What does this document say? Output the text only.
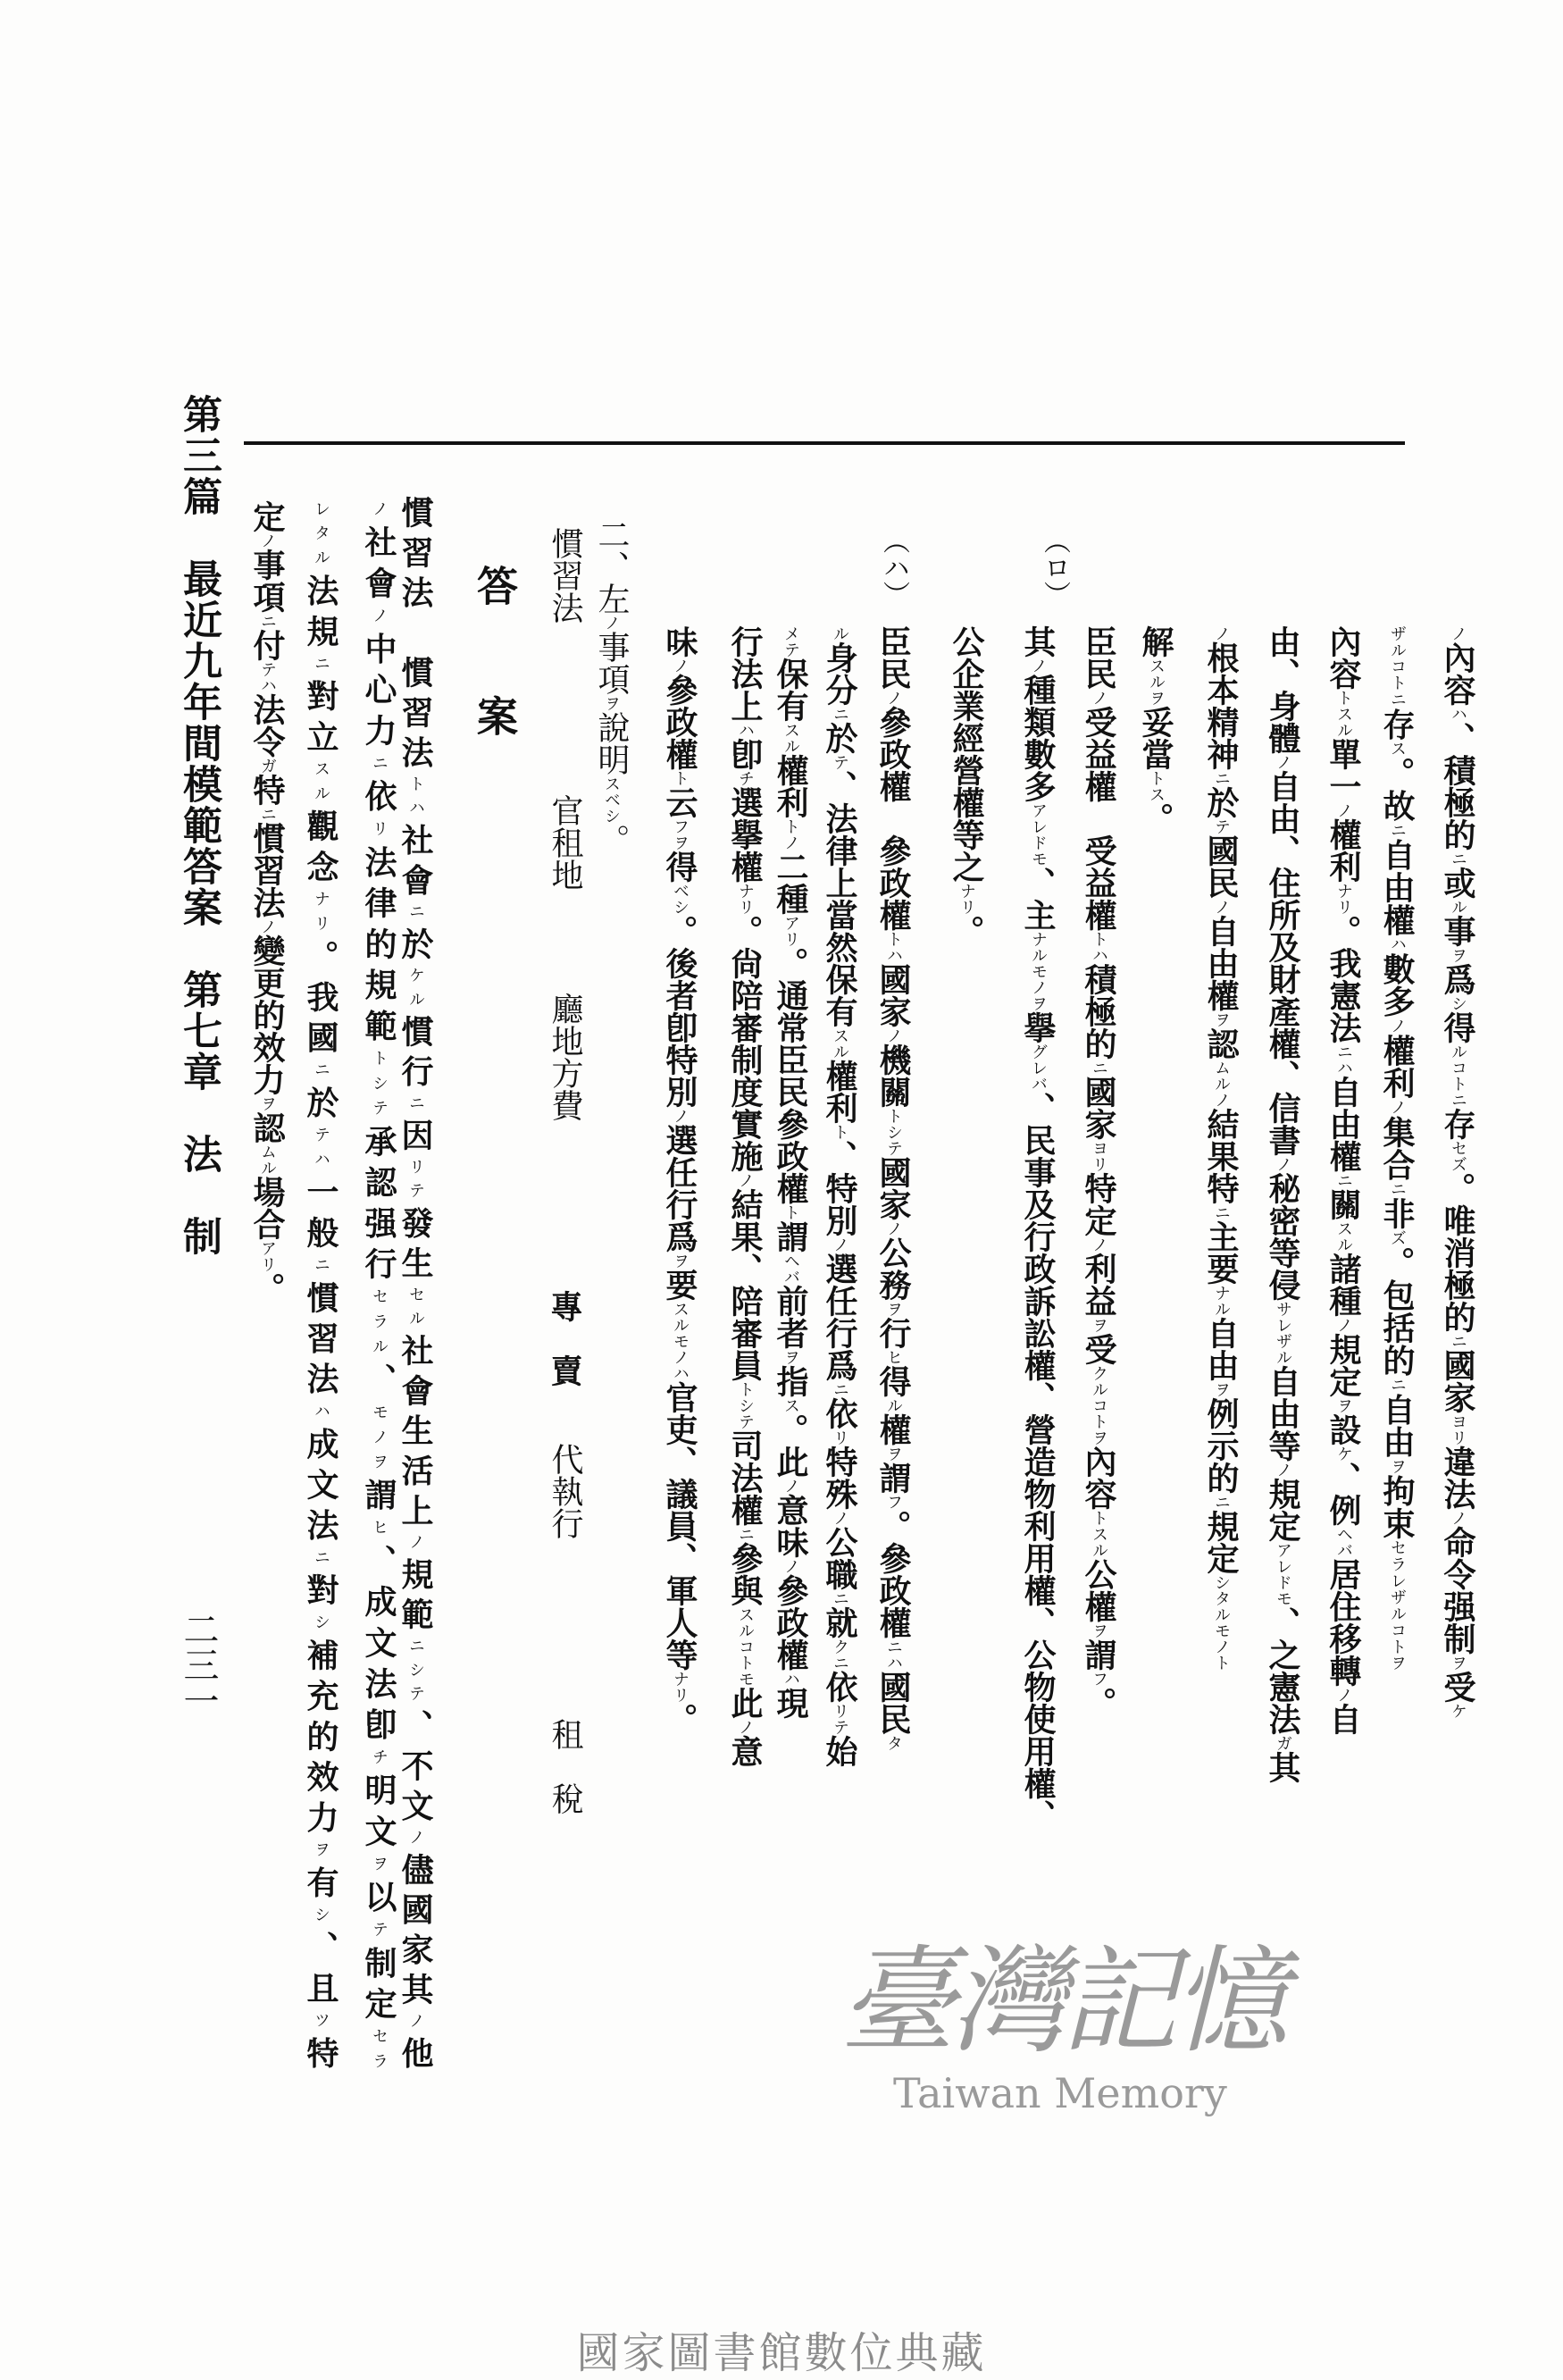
第三篇　最近九年間模範答案　第七章　法　制
二三一
ノ內容ハ、積極的ニ或ル事ヲ爲シ得ルコトニ存セズ。唯消極的ニ國家ヨリ違法ノ命令强制ヲ受ケ
ザルコトニ存ス。故ニ自由權ハ數多ノ權利ノ集合ニ非ズ。包括的ニ自由ヲ拘束セラレザルコトヲ
內容トスル單一ノ權利ナリ。我憲法ニハ自由權ニ關スル諸種ノ規定ヲ設ケ、例ヘバ居住移轉ノ自
由、身體ノ自由、住所及財產權、信書ノ秘密等侵サレザル自由等ノ規定アレドモ、之憲法ガ其
ノ根本精神ニ於テ國民ノ自由權ヲ認ムルノ結果特ニ主要ナル自由ヲ例示的ニ規定シタルモノト
解スルヲ妥當トス。
（ロ）
臣民ノ受益權　受益權トハ積極的ニ國家ヨリ特定ノ利益ヲ受クルコトヲ內容トスル公權ヲ謂フ。
其ノ種類數多アレドモ、主ナルモノヲ擧グレバ、民事及行政訴訟權、營造物利用權、公物使用權、
公企業經營權等之ナリ。
（ハ）
臣民ノ參政權　參政權トハ國家ノ機關トシテ國家ノ公務ヲ行ヒ得ル權ヲ謂フ。參政權ニハ國民タ
ル身分ニ於テ、法律上當然保有スル權利ト、特別ノ選任行爲ニ依リ特殊ノ公職ニ就クニ依リテ始
メテ保有スル權利トノ二種アリ。通常臣民參政權ト謂ヘバ前者ヲ指ス。此ノ意味ノ參政權ハ現
行法上ハ卽チ選擧權ナリ。尙陪審制度實施ノ結果、陪審員トシテ司法權ニ參與スルコトモ此ノ意
味ノ參政權ト云フヲ得ベシ。後者卽特別ノ選任行爲ヲ要スルモノハ官吏、議員、軍人等ナリ。
二、左ノ事項ヲ說明スベシ。
慣習法
官租地
廳地方費
專　賣
代執行
租　稅
答
案
慣習法　慣習法トハ社會ニ於ケル慣行ニ因リテ發生セル社會生活上ノ規範ニシテ、不文ノ儘國家其ノ他
ノ社會ノ中心力ニ依リ法律的規範トシテ承認强行セラル、モノヲ謂ヒ、成文法卽チ明文ヲ以テ制定セラ
レタル法規ニ對立スル觀念ナリ。我國ニ於テハ一般ニ慣習法ハ成文法ニ對シ補充的效力ヲ有シ、且ツ特
定ノ事項ニ付テハ法令ガ特ニ慣習法ノ變更的效力ヲ認ムル場合アリ。
臺灣記憶
Taiwan Memory
國家圖書館數位典藏
